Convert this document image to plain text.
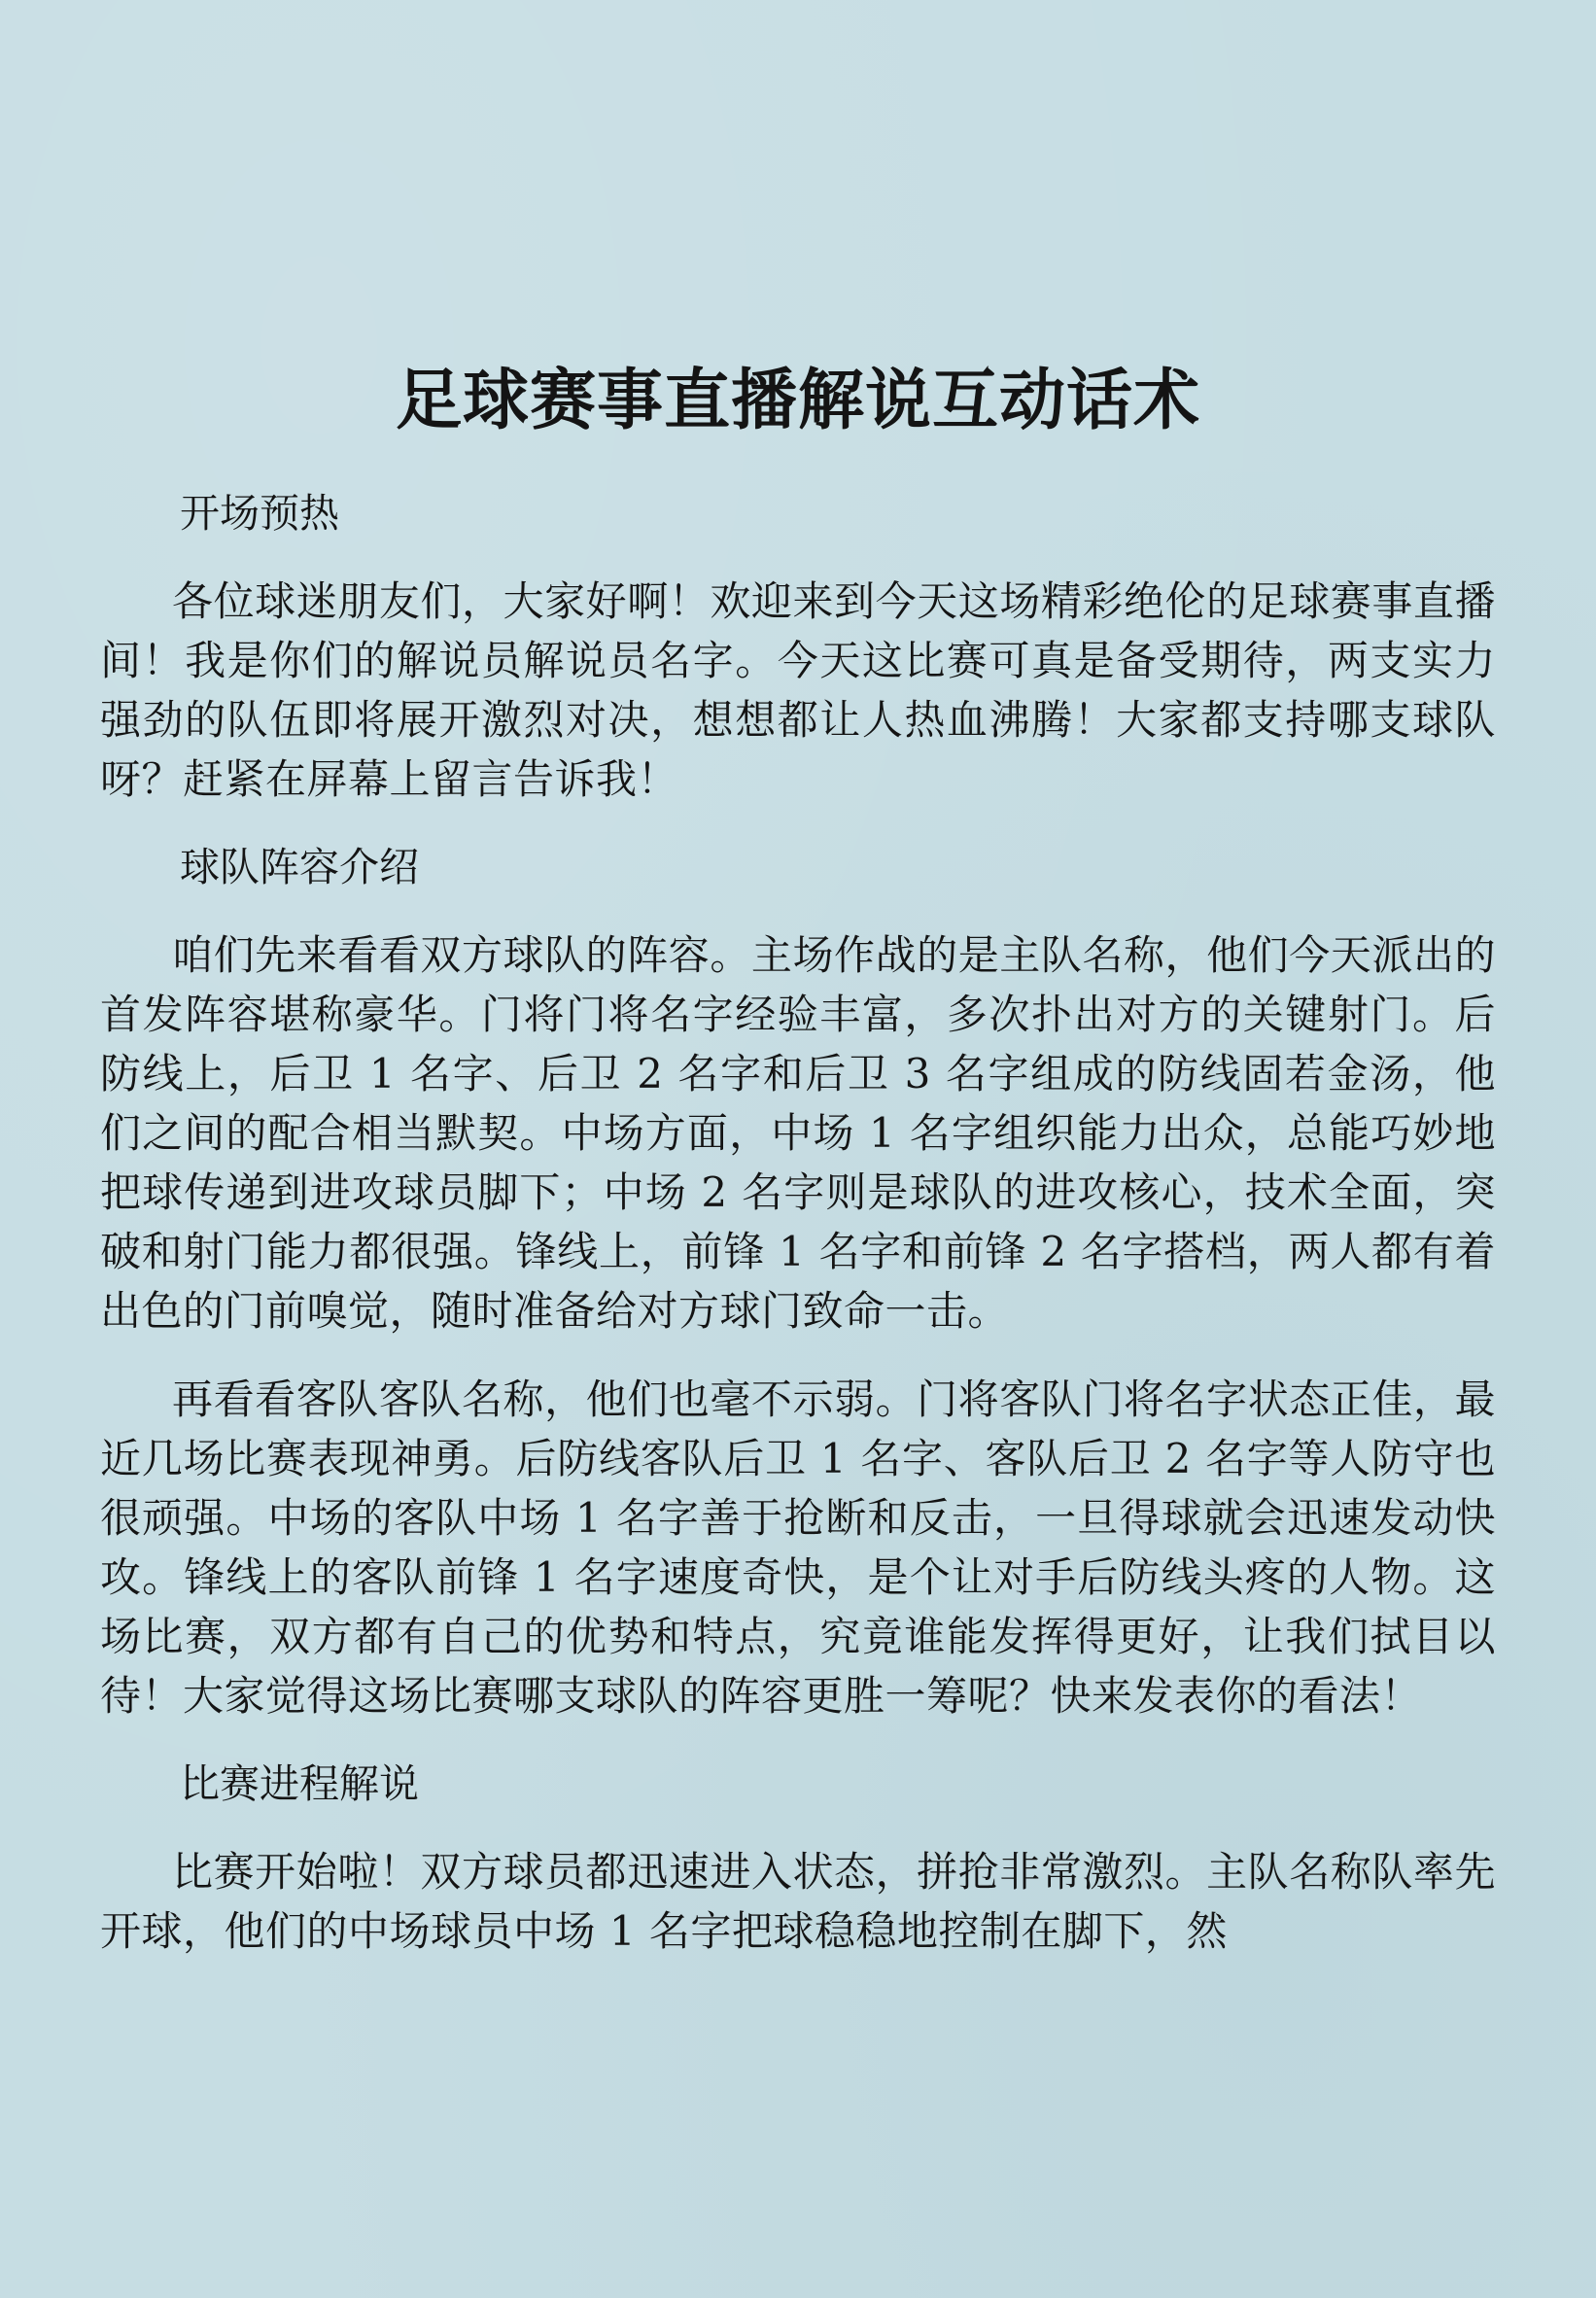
足球赛事直播解说互动话术

开场预热

各位球迷朋友们，大家好啊！欢迎来到今天这场精彩绝伦的足球赛事直播间！我是你们的解说员解说员名字。今天这比赛可真是备受期待，两支实力强劲的队伍即将展开激烈对决，想想都让人热血沸腾！大家都支持哪支球队呀？赶紧在屏幕上留言告诉我！

球队阵容介绍

咱们先来看看双方球队的阵容。主场作战的是主队名称，他们今天派出的首发阵容堪称豪华。门将门将名字经验丰富，多次扑出对方的关键射门。后防线上，后卫 1 名字、后卫 2 名字和后卫 3 名字组成的防线固若金汤，他们之间的配合相当默契。中场方面，中场 1 名字组织能力出众，总能巧妙地把球传递到进攻球员脚下；中场 2 名字则是球队的进攻核心，技术全面，突破和射门能力都很强。锋线上，前锋 1 名字和前锋 2 名字搭档，两人都有着出色的门前嗅觉，随时准备给对方球门致命一击。

再看看客队客队名称，他们也毫不示弱。门将客队门将名字状态正佳，最近几场比赛表现神勇。后防线客队后卫 1 名字、客队后卫 2 名字等人防守也很顽强。中场的客队中场 1 名字善于抢断和反击，一旦得球就会迅速发动快攻。锋线上的客队前锋 1 名字速度奇快，是个让对手后防线头疼的人物。这场比赛，双方都有自己的优势和特点，究竟谁能发挥得更好，让我们拭目以待！大家觉得这场比赛哪支球队的阵容更胜一筹呢？快来发表你的看法！

比赛进程解说

比赛开始啦！双方球员都迅速进入状态，拼抢非常激烈。主队名称队率先开球，他们的中场球员中场 1 名字把球稳稳地控制在脚下，然
